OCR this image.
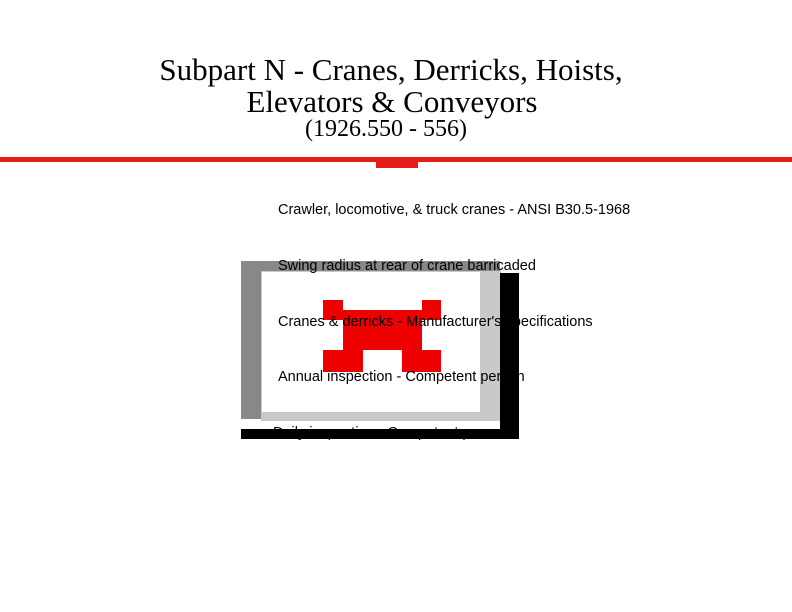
Subpart N - Cranes, Derricks, Hoists,
Elevators & Conveyors
(1926.550 - 556)
Crawler, locomotive, & truck cranes - ANSI B30.5-1968
Swing radius at rear of crane barricaded
Cranes & derricks - Manufacturer's specifications
Annual inspection - Competent person
Daily inspection - Competent person
